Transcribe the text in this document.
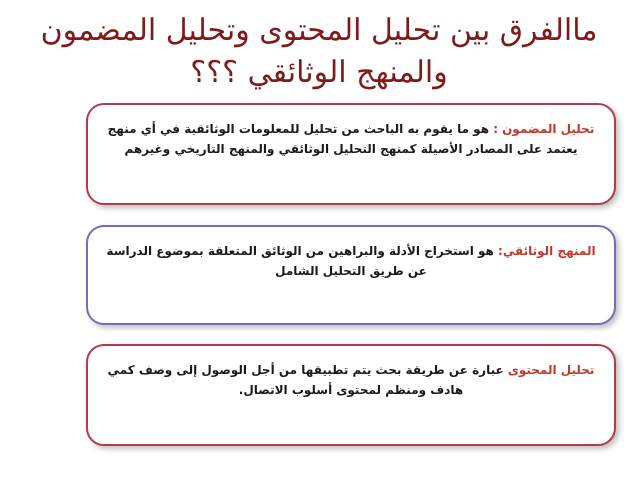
ماالفرق بين تحليل المحتوى وتحليل المضمون
والمنهج الوثائقي ؟؟؟
تحليل المضمون : هو ما يقوم به الباحث من تحليل للمعلومات الوثائقية في أي منهج يعتمد على المصادر الأصيلة كمنهج التحليل الوثائقي والمنهج التاريخي وغيرهم
المنهج الوثائقي: هو استخراج الأدلة والبراهين من الوثائق المتعلقة بموضوع الدراسة عن طريق التحليل الشامل
تحليل المحتوى عبارة عن طريقة بحث يتم تطبيقها من أجل الوصول إلى وصف كمي هادف ومنظم لمحتوى أسلوب الاتصال.
